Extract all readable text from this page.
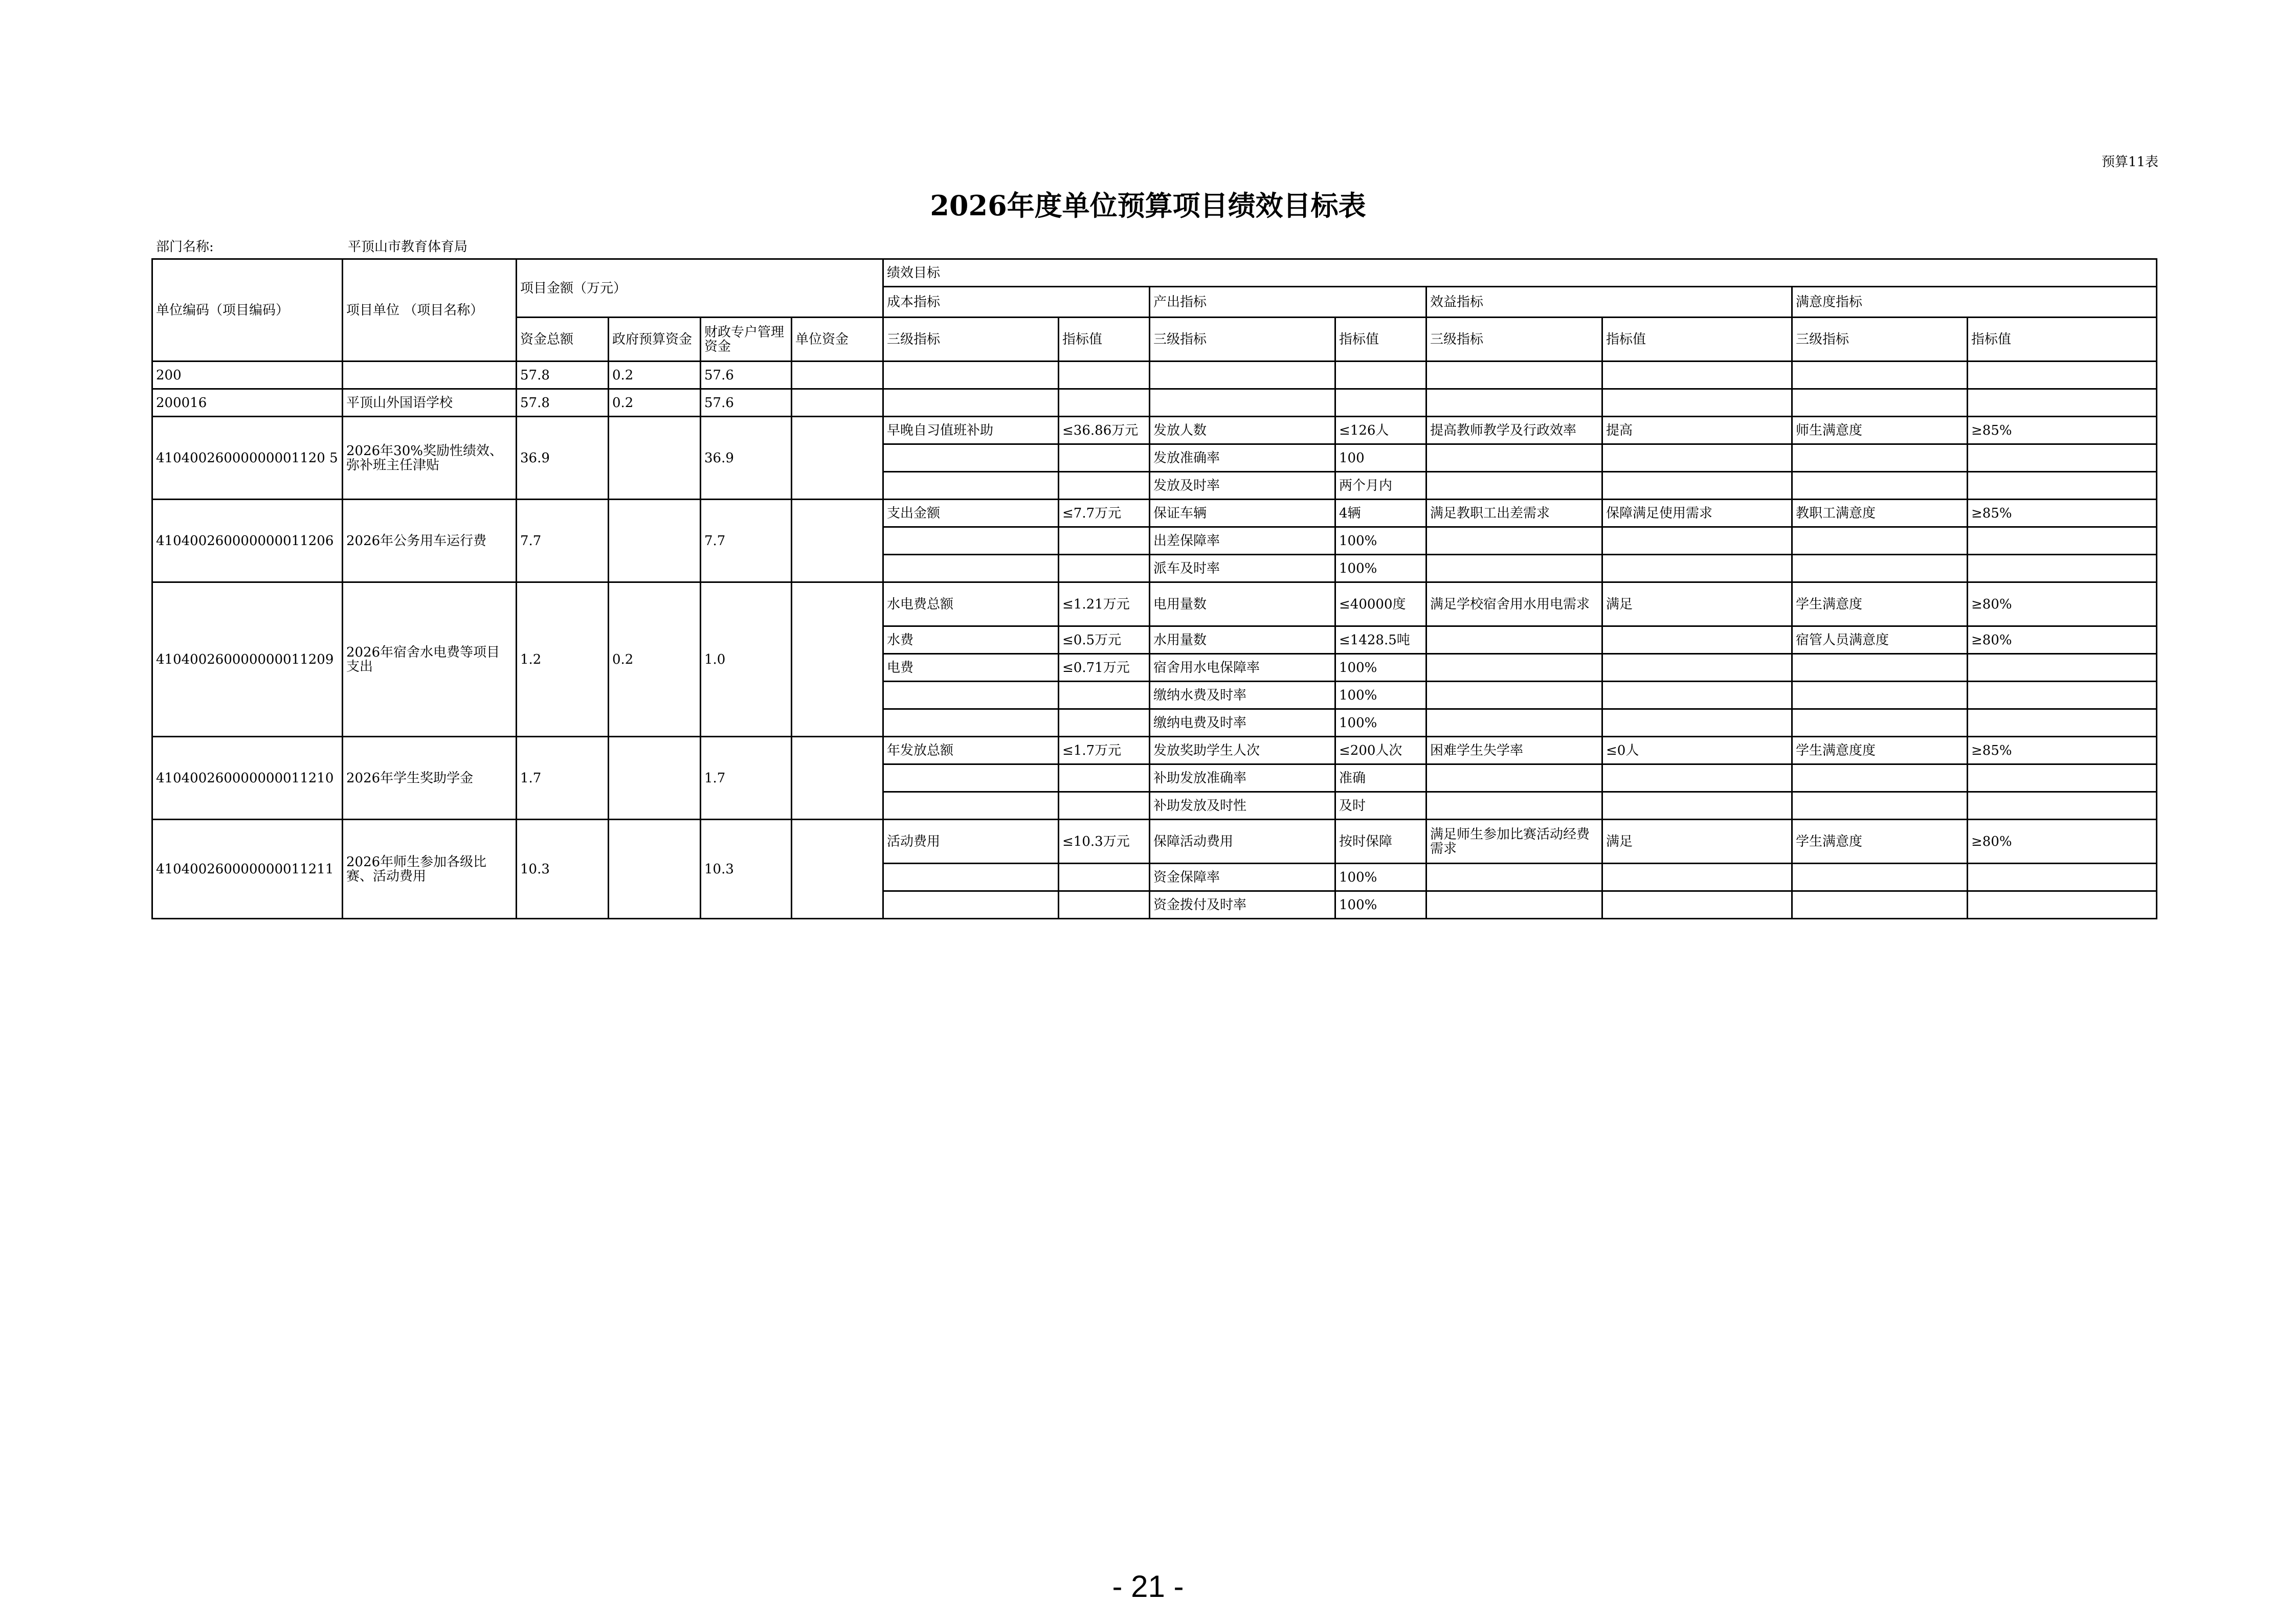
预算11表
2026年度单位预算项目绩效目标表
部门名称:	平顶山市教育体育局
单位编码（项目编码）	项目单位 （项目名称）	项目金额（万元）				绩效目标							
						成本指标		产出指标		效益指标		满意度指标	
		资金总额	政府预算资金	财政专户管理资金	单位资金	三级指标	指标值	三级指标	指标值	三级指标	指标值	三级指标	指标值
200		57.8	0.2	57.6									
200016	平顶山外国语学校	57.8	0.2	57.6									
41040026000000001120 5	2026年30%奖励性绩效、弥补班主任津贴	36.9		36.9		早晚自习值班补助	≤36.86万元	发放人数	≤126人	提高教师教学及行政效率	提高	师生满意度	≥85%
								发放准确率	100				
								发放及时率	两个月内				
410400260000000011206	2026年公务用车运行费	7.7		7.7		支出金额	≤7.7万元	保证车辆	4辆	满足教职工出差需求	保障满足使用需求	教职工满意度	≥85%
								出差保障率	100%				
								派车及时率	100%				
410400260000000011209	2026年宿舍水电费等项目支出	1.2	0.2	1.0		水电费总额	≤1.21万元	电用量数	≤40000度	满足学校宿舍用水用电需求	满足	学生满意度	≥80%
						水费	≤0.5万元	水用量数	≤1428.5吨			宿管人员满意度	≥80%
						电费	≤0.71万元	宿舍用水电保障率	100%				
								缴纳水费及时率	100%				
								缴纳电费及时率	100%				
410400260000000011210	2026年学生奖助学金	1.7		1.7		年发放总额	≤1.7万元	发放奖助学生人次	≤200人次	困难学生失学率	≤0人	学生满意度度	≥85%
								补助发放准确率	准确				
								补助发放及时性	及时				
410400260000000011211	2026年师生参加各级比赛、活动费用	10.3		10.3		活动费用	≤10.3万元	保障活动费用	按时保障	满足师生参加比赛活动经费需求	满足	学生满意度	≥80%
								资金保障率	100%				
								资金拨付及时率	100%				
- 21 -
